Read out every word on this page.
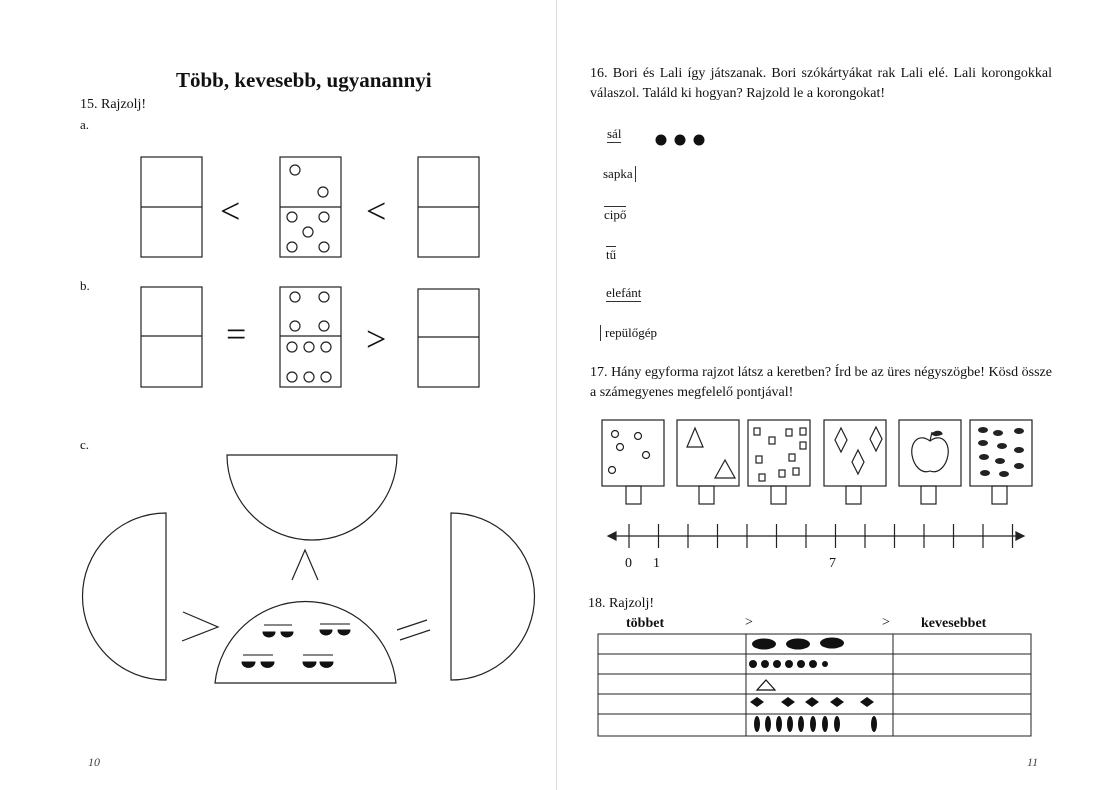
Több, kevesebb, ugyanannyi
15. Rajzolj!
a.
b.
c.
<	<
=	>
10
16. Bori és Lali így játszanak. Bori szókártyákat rak Lali elé. Lali korongokkal válaszol. Találd ki hogyan? Rajzold le a korongokat!
sál
sapka
cipő
tű
elefánt
repülőgép
17. Hány egyforma rajzot látsz a keretben? Írd be az üres négyszögbe! Kösd össze a számegyenes megfelelő pontjával!
0 1	7
18. Rajzolj!
többet	>	> kevesebbet
11
